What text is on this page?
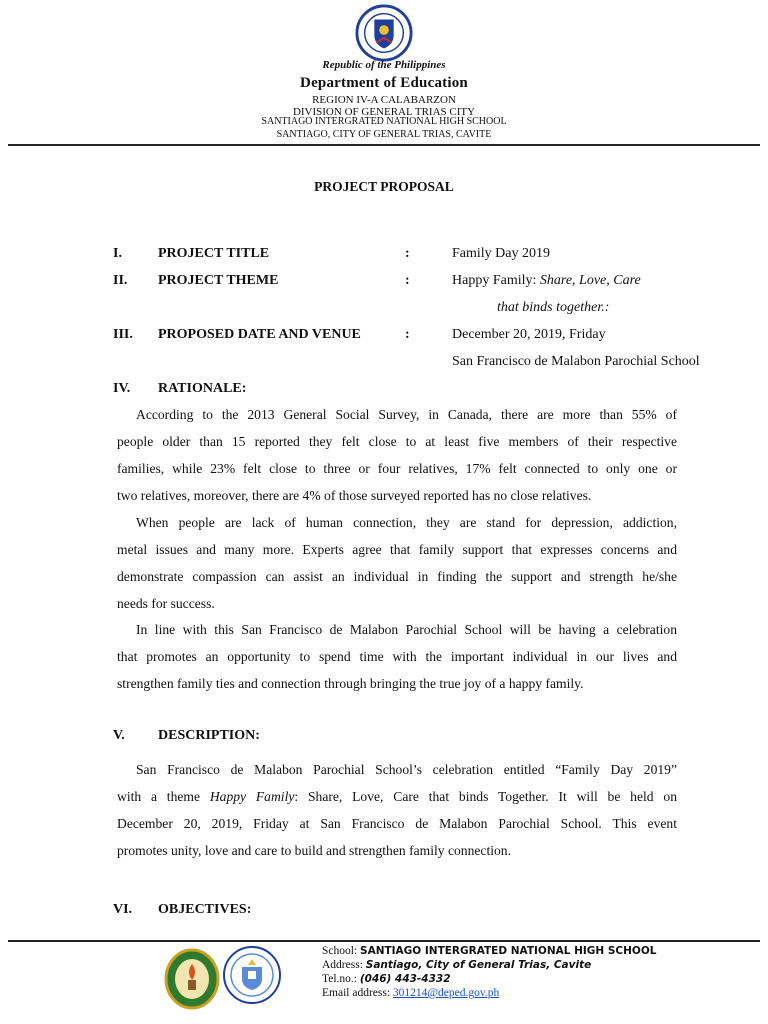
Republic of the Philippines
Department of Education
REGION IV-A CALABARZON
DIVISION OF GENERAL TRIAS CITY
SANTIAGO INTERGRATED NATIONAL HIGH SCHOOL
SANTIAGO, CITY OF GENERAL TRIAS, CAVITE
PROJECT PROPOSAL
I.	PROJECT TITLE	:	Family Day 2019
II. PROJECT THEME	:	Happy Family: Share, Love, Care
that binds together.:
III. PROPOSED DATE AND VENUE	:	December 20, 2019, Friday
San Francisco de Malabon Parochial School
IV. RATIONALE:
According to the 2013 General Social Survey, in Canada, there are more than 55% of
people older than 15 reported they felt close to at least five members of their respective
families, while 23% felt close to three or four relatives, 17% felt connected to only one or
two relatives, moreover, there are 4% of those surveyed reported has no close relatives.
When people are lack of human connection, they are stand for depression, addiction,
metal issues and many more. Experts agree that family support that expresses concerns and
demonstrate compassion can assist an individual in finding the support and strength he/she
needs for success.
In line with this San Francisco de Malabon Parochial School will be having a celebration
that promotes an opportunity to spend time with the important individual in our lives and
strengthen family ties and connection through bringing the true joy of a happy family.
V. DESCRIPTION:
San Francisco de Malabon Parochial School’s celebration entitled “Family Day 2019”
with a theme Happy Family: Share, Love, Care that binds Together. It will be held on
December 20, 2019, Friday at San Francisco de Malabon Parochial School. This event
promotes unity, love and care to build and strengthen family connection.
VI. OBJECTIVES:
School: SANTIAGO INTERGRATED NATIONAL HIGH SCHOOL
Address: Santiago, City of General Trias, Cavite
Tel.no.: (046) 443-4332
Email address: 301214@deped.gov.ph
